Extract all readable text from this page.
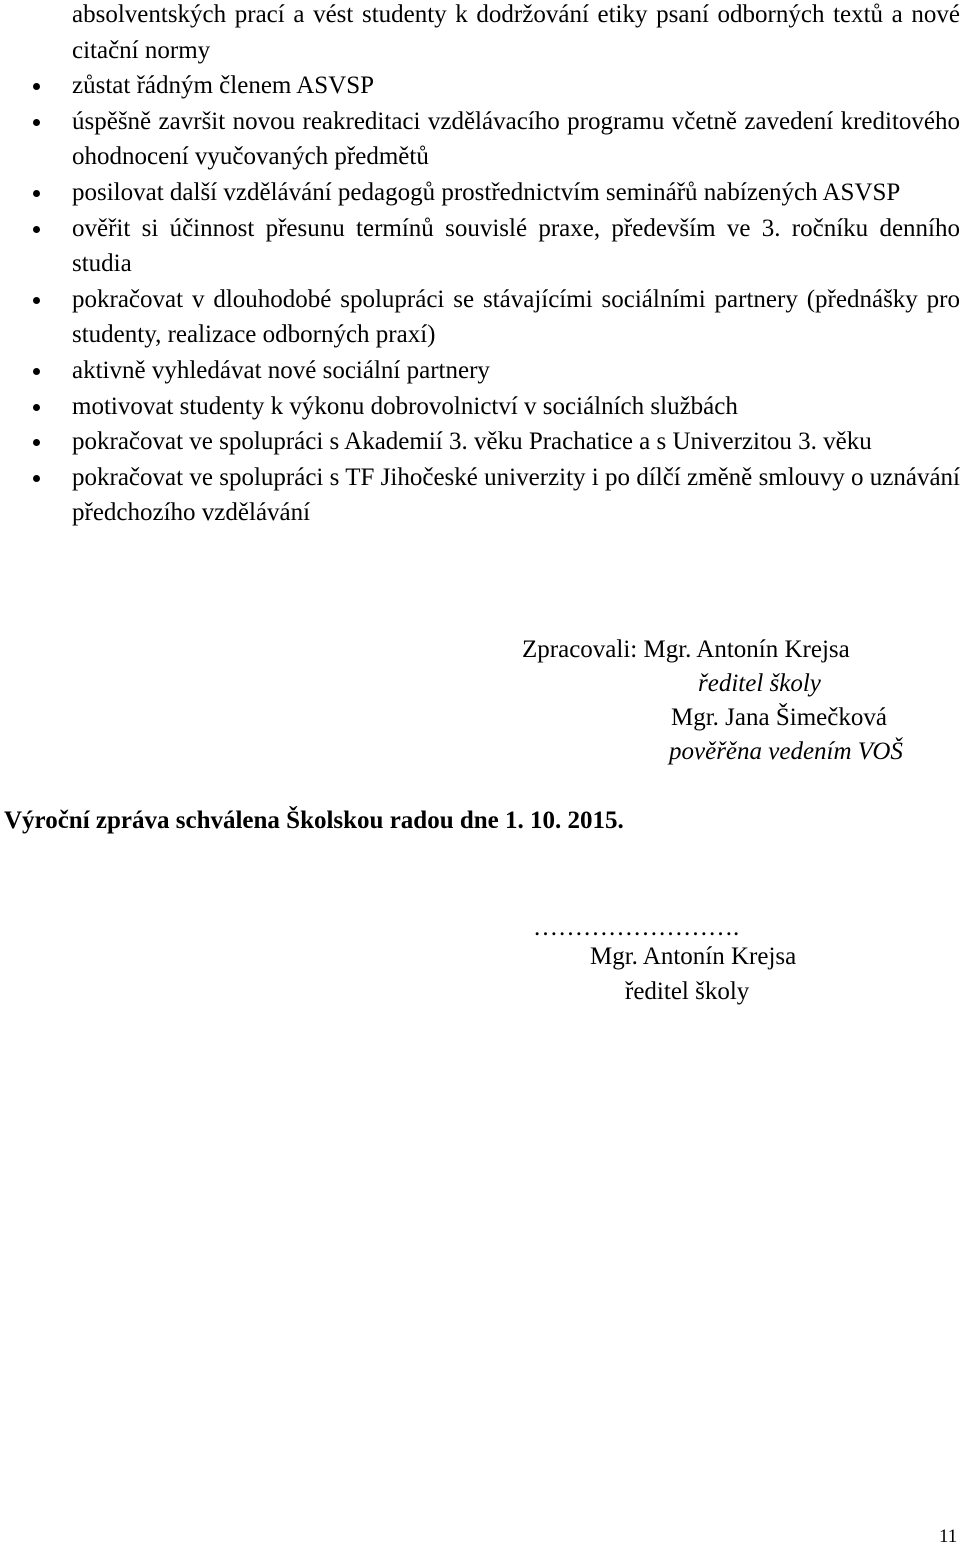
absolventských prací a vést studenty k dodržování etiky psaní odborných textů a nové citační normy
zůstat řádným členem ASVSP
úspěšně završit novou reakreditaci vzdělávacího programu včetně zavedení kreditového ohodnocení vyučovaných předmětů
posilovat další vzdělávání pedagogů prostřednictvím seminářů nabízených ASVSP
ověřit si účinnost přesunu termínů souvislé praxe, především ve 3. ročníku denního studia
pokračovat v dlouhodobé spolupráci se stávajícími sociálními partnery (přednášky pro studenty, realizace odborných praxí)
aktivně vyhledávat nové sociální partnery
motivovat studenty k výkonu dobrovolnictví v sociálních službách
pokračovat ve spolupráci s Akademií 3. věku Prachatice a s Univerzitou 3. věku
pokračovat ve spolupráci s TF Jihočeské univerzity i po dílčí změně smlouvy o uznávání předchozího vzdělávání
Zpracovali: Mgr. Antonín Krejsa
ředitel školy
Mgr. Jana Šimečková
pověřěna vedením VOŠ
Výroční zpráva schválena Školskou radou dne 1. 10. 2015.
…………………….
Mgr. Antonín Krejsa
ředitel školy
11
